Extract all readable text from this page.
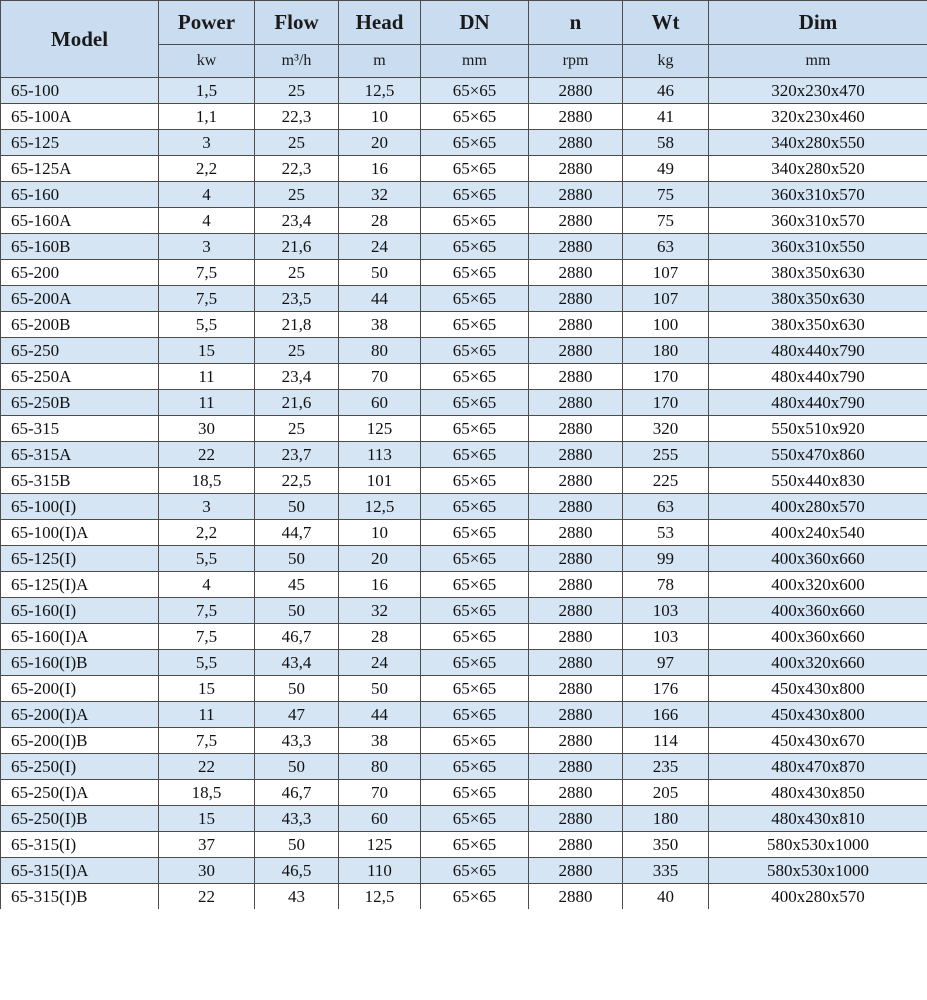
Model	Power	Flow	Head	DN	n	Wt	Dim
	kw	m³/h	m	mm	rpm	kg	mm
65-100	1,5	25	12,5	65×65	2880	46	320x230x470
65-100A	1,1	22,3	10	65×65	2880	41	320x230x460
65-125	3	25	20	65×65	2880	58	340x280x550
65-125A	2,2	22,3	16	65×65	2880	49	340x280x520
65-160	4	25	32	65×65	2880	75	360x310x570
65-160A	4	23,4	28	65×65	2880	75	360x310x570
65-160B	3	21,6	24	65×65	2880	63	360x310x550
65-200	7,5	25	50	65×65	2880	107	380x350x630
65-200A	7,5	23,5	44	65×65	2880	107	380x350x630
65-200B	5,5	21,8	38	65×65	2880	100	380x350x630
65-250	15	25	80	65×65	2880	180	480x440x790
65-250A	11	23,4	70	65×65	2880	170	480x440x790
65-250B	11	21,6	60	65×65	2880	170	480x440x790
65-315	30	25	125	65×65	2880	320	550x510x920
65-315A	22	23,7	113	65×65	2880	255	550x470x860
65-315B	18,5	22,5	101	65×65	2880	225	550x440x830
65-100(I)	3	50	12,5	65×65	2880	63	400x280x570
65-100(I)A	2,2	44,7	10	65×65	2880	53	400x240x540
65-125(I)	5,5	50	20	65×65	2880	99	400x360x660
65-125(I)A	4	45	16	65×65	2880	78	400x320x600
65-160(I)	7,5	50	32	65×65	2880	103	400x360x660
65-160(I)A	7,5	46,7	28	65×65	2880	103	400x360x660
65-160(I)B	5,5	43,4	24	65×65	2880	97	400x320x660
65-200(I)	15	50	50	65×65	2880	176	450x430x800
65-200(I)A	11	47	44	65×65	2880	166	450x430x800
65-200(I)B	7,5	43,3	38	65×65	2880	114	450x430x670
65-250(I)	22	50	80	65×65	2880	235	480x470x870
65-250(I)A	18,5	46,7	70	65×65	2880	205	480x430x850
65-250(I)B	15	43,3	60	65×65	2880	180	480x430x810
65-315(I)	37	50	125	65×65	2880	350	580x530x1000
65-315(I)A	30	46,5	110	65×65	2880	335	580x530x1000
65-315(I)B	22	43	12,5	65×65	2880	40	400x280x570
